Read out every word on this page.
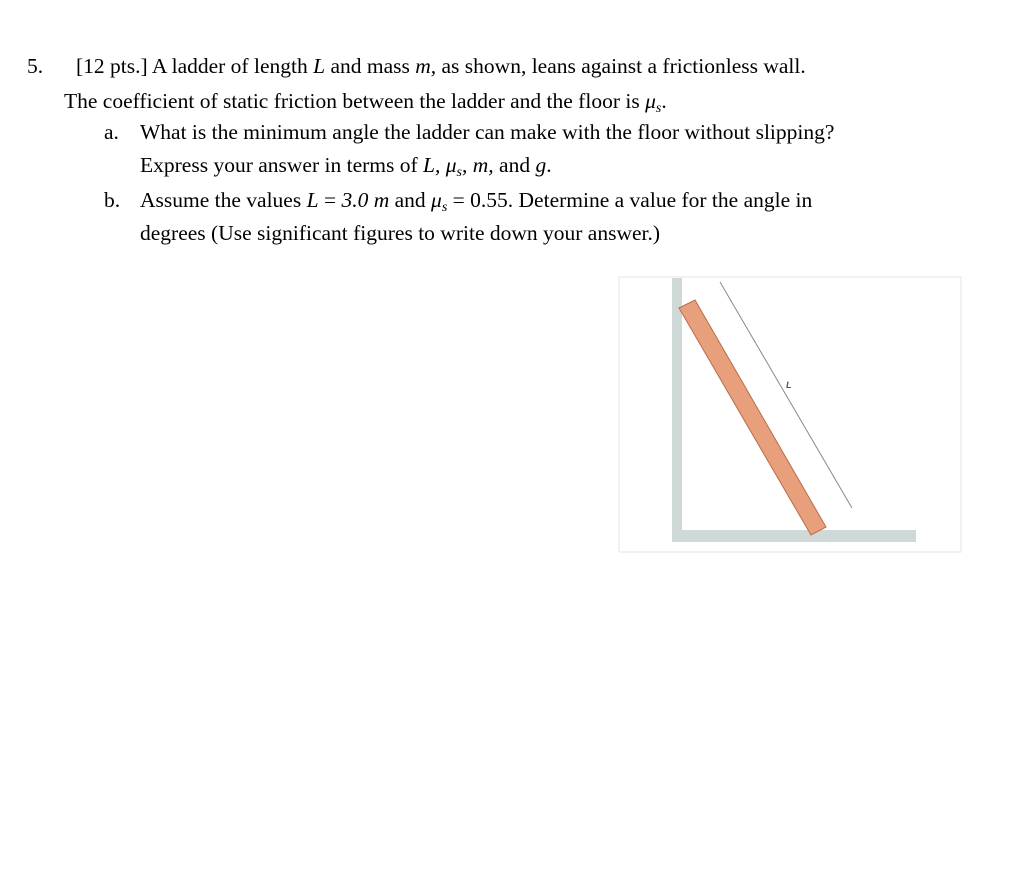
5. [12 pts.] A ladder of length L and mass m, as shown, leans against a frictionless wall.
The coefficient of static friction between the ladder and the floor is μs.
a. What is the minimum angle the ladder can make with the floor without slipping?
Express your answer in terms of L, μs, m, and g.
b. Assume the values L = 3.0 m and μs = 0.55. Determine a value for the angle in
degrees (Use significant figures to write down your answer.)
L
